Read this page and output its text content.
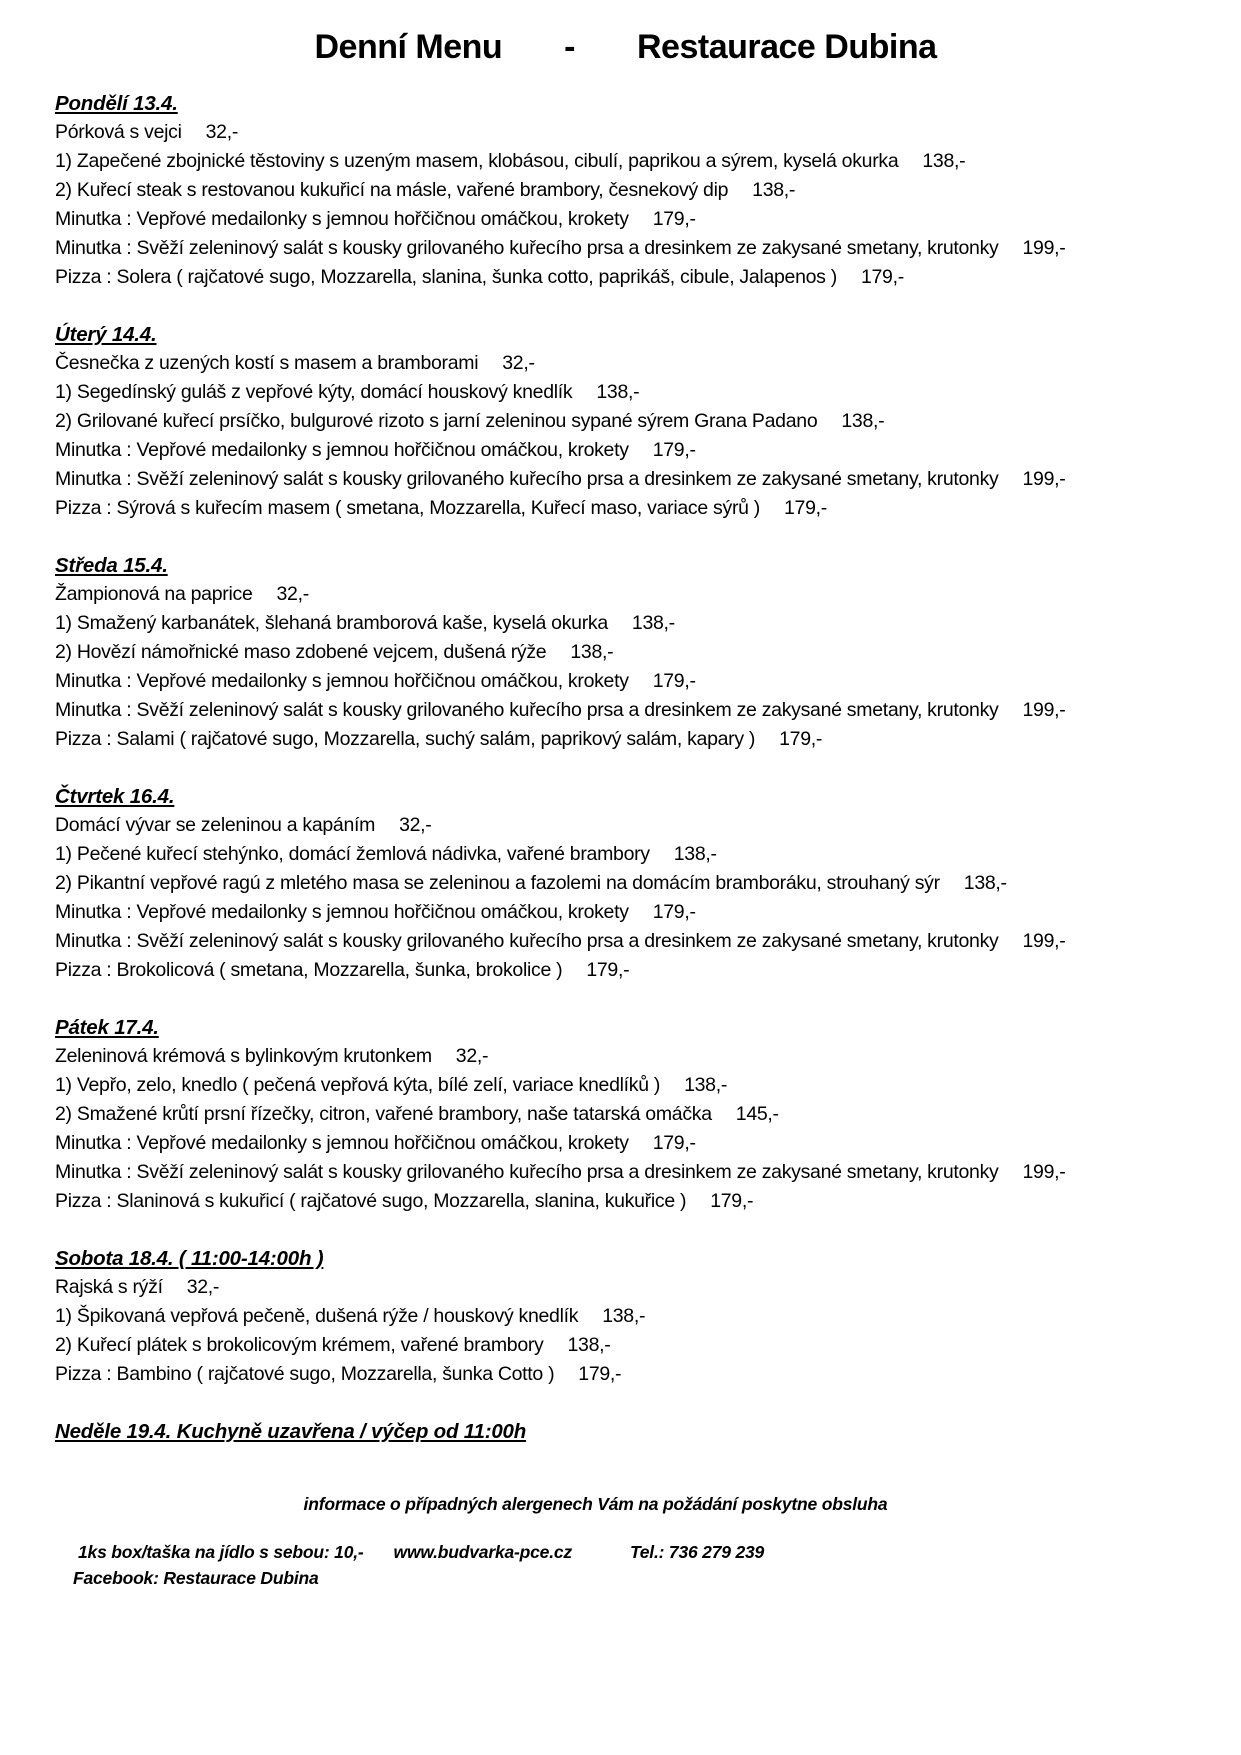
Denní Menu - Restaurace Dubina
Pondělí 13.4.
Pórková s vejci 32,-
1) Zapečené zbojnické těstoviny s uzeným masem, klobásou, cibulí, paprikou a sýrem, kyselá okurka 138,-
2) Kuřecí steak s restovanou kukuřicí na másle, vařené brambory, česnekový dip 138,-
Minutka : Vepřové medailonky s jemnou hořčičnou omáčkou, krokety 179,-
Minutka : Svěží zeleninový salát s kousky grilovaného kuřecího prsa a dresinkem ze zakysané smetany, krutonky 199,-
Pizza : Solera ( rajčatové sugo, Mozzarella, slanina, šunka cotto, paprikáš, cibule, Jalapenos ) 179,-
Úterý 14.4.
Česnečka z uzených kostí s masem a bramborami 32,-
1) Segedínský guláš z vepřové kýty, domácí houskový knedlík 138,-
2) Grilované kuřecí prsíčko, bulgurové rizoto s jarní zeleninou sypané sýrem Grana Padano 138,-
Minutka : Vepřové medailonky s jemnou hořčičnou omáčkou, krokety 179,-
Minutka : Svěží zeleninový salát s kousky grilovaného kuřecího prsa a dresinkem ze zakysané smetany, krutonky 199,-
Pizza : Sýrová s kuřecím masem ( smetana, Mozzarella, Kuřecí maso, variace sýrů ) 179,-
Středa 15.4.
Žampionová na paprice 32,-
1) Smažený karbanátek, šlehaná bramborová kaše, kyselá okurka 138,-
2) Hovězí námořnické maso zdobené vejcem, dušená rýže 138,-
Minutka : Vepřové medailonky s jemnou hořčičnou omáčkou, krokety 179,-
Minutka : Svěží zeleninový salát s kousky grilovaného kuřecího prsa a dresinkem ze zakysané smetany, krutonky 199,-
Pizza : Salami ( rajčatové sugo, Mozzarella, suchý salám, paprikový salám, kapary ) 179,-
Čtvrtek 16.4.
Domácí vývar se zeleninou a kapáním 32,-
1) Pečené kuřecí stehýnko, domácí žemlová nádivka, vařené brambory 138,-
2) Pikantní vepřové ragú z mletého masa se zeleninou a fazolemi na domácím bramboráku, strouhaný sýr 138,-
Minutka : Vepřové medailonky s jemnou hořčičnou omáčkou, krokety 179,-
Minutka : Svěží zeleninový salát s kousky grilovaného kuřecího prsa a dresinkem ze zakysané smetany, krutonky 199,-
Pizza : Brokolicová ( smetana, Mozzarella, šunka, brokolice ) 179,-
Pátek 17.4.
Zeleninová krémová s bylinkovým krutonkem 32,-
1) Vepřo, zelo, knedlo ( pečená vepřová kýta, bílé zelí, variace knedlíků ) 138,-
2) Smažené krůtí prsní řízečky, citron, vařené brambory, naše tatarská omáčka 145,-
Minutka : Vepřové medailonky s jemnou hořčičnou omáčkou, krokety 179,-
Minutka : Svěží zeleninový salát s kousky grilovaného kuřecího prsa a dresinkem ze zakysané smetany, krutonky 199,-
Pizza : Slaninová s kukuřicí ( rajčatové sugo, Mozzarella, slanina, kukuřice ) 179,-
Sobota 18.4. ( 11:00-14:00h )
Rajská s rýží 32,-
1) Špikovaná vepřová pečeně, dušená rýže / houskový knedlík 138,-
2) Kuřecí plátek s brokolicovým krémem, vařené brambory 138,-
Pizza : Bambino ( rajčatové sugo, Mozzarella, šunka Cotto ) 179,-
Neděle 19.4. Kuchyně uzavřena / výčep od 11:00h
informace o případných alergenech Vám na požádání poskytne obsluha
1ks box/taška na jídlo s sebou: 10,- www.budvarka-pce.cz	Tel.: 736 279 239
Facebook: Restaurace Dubina
